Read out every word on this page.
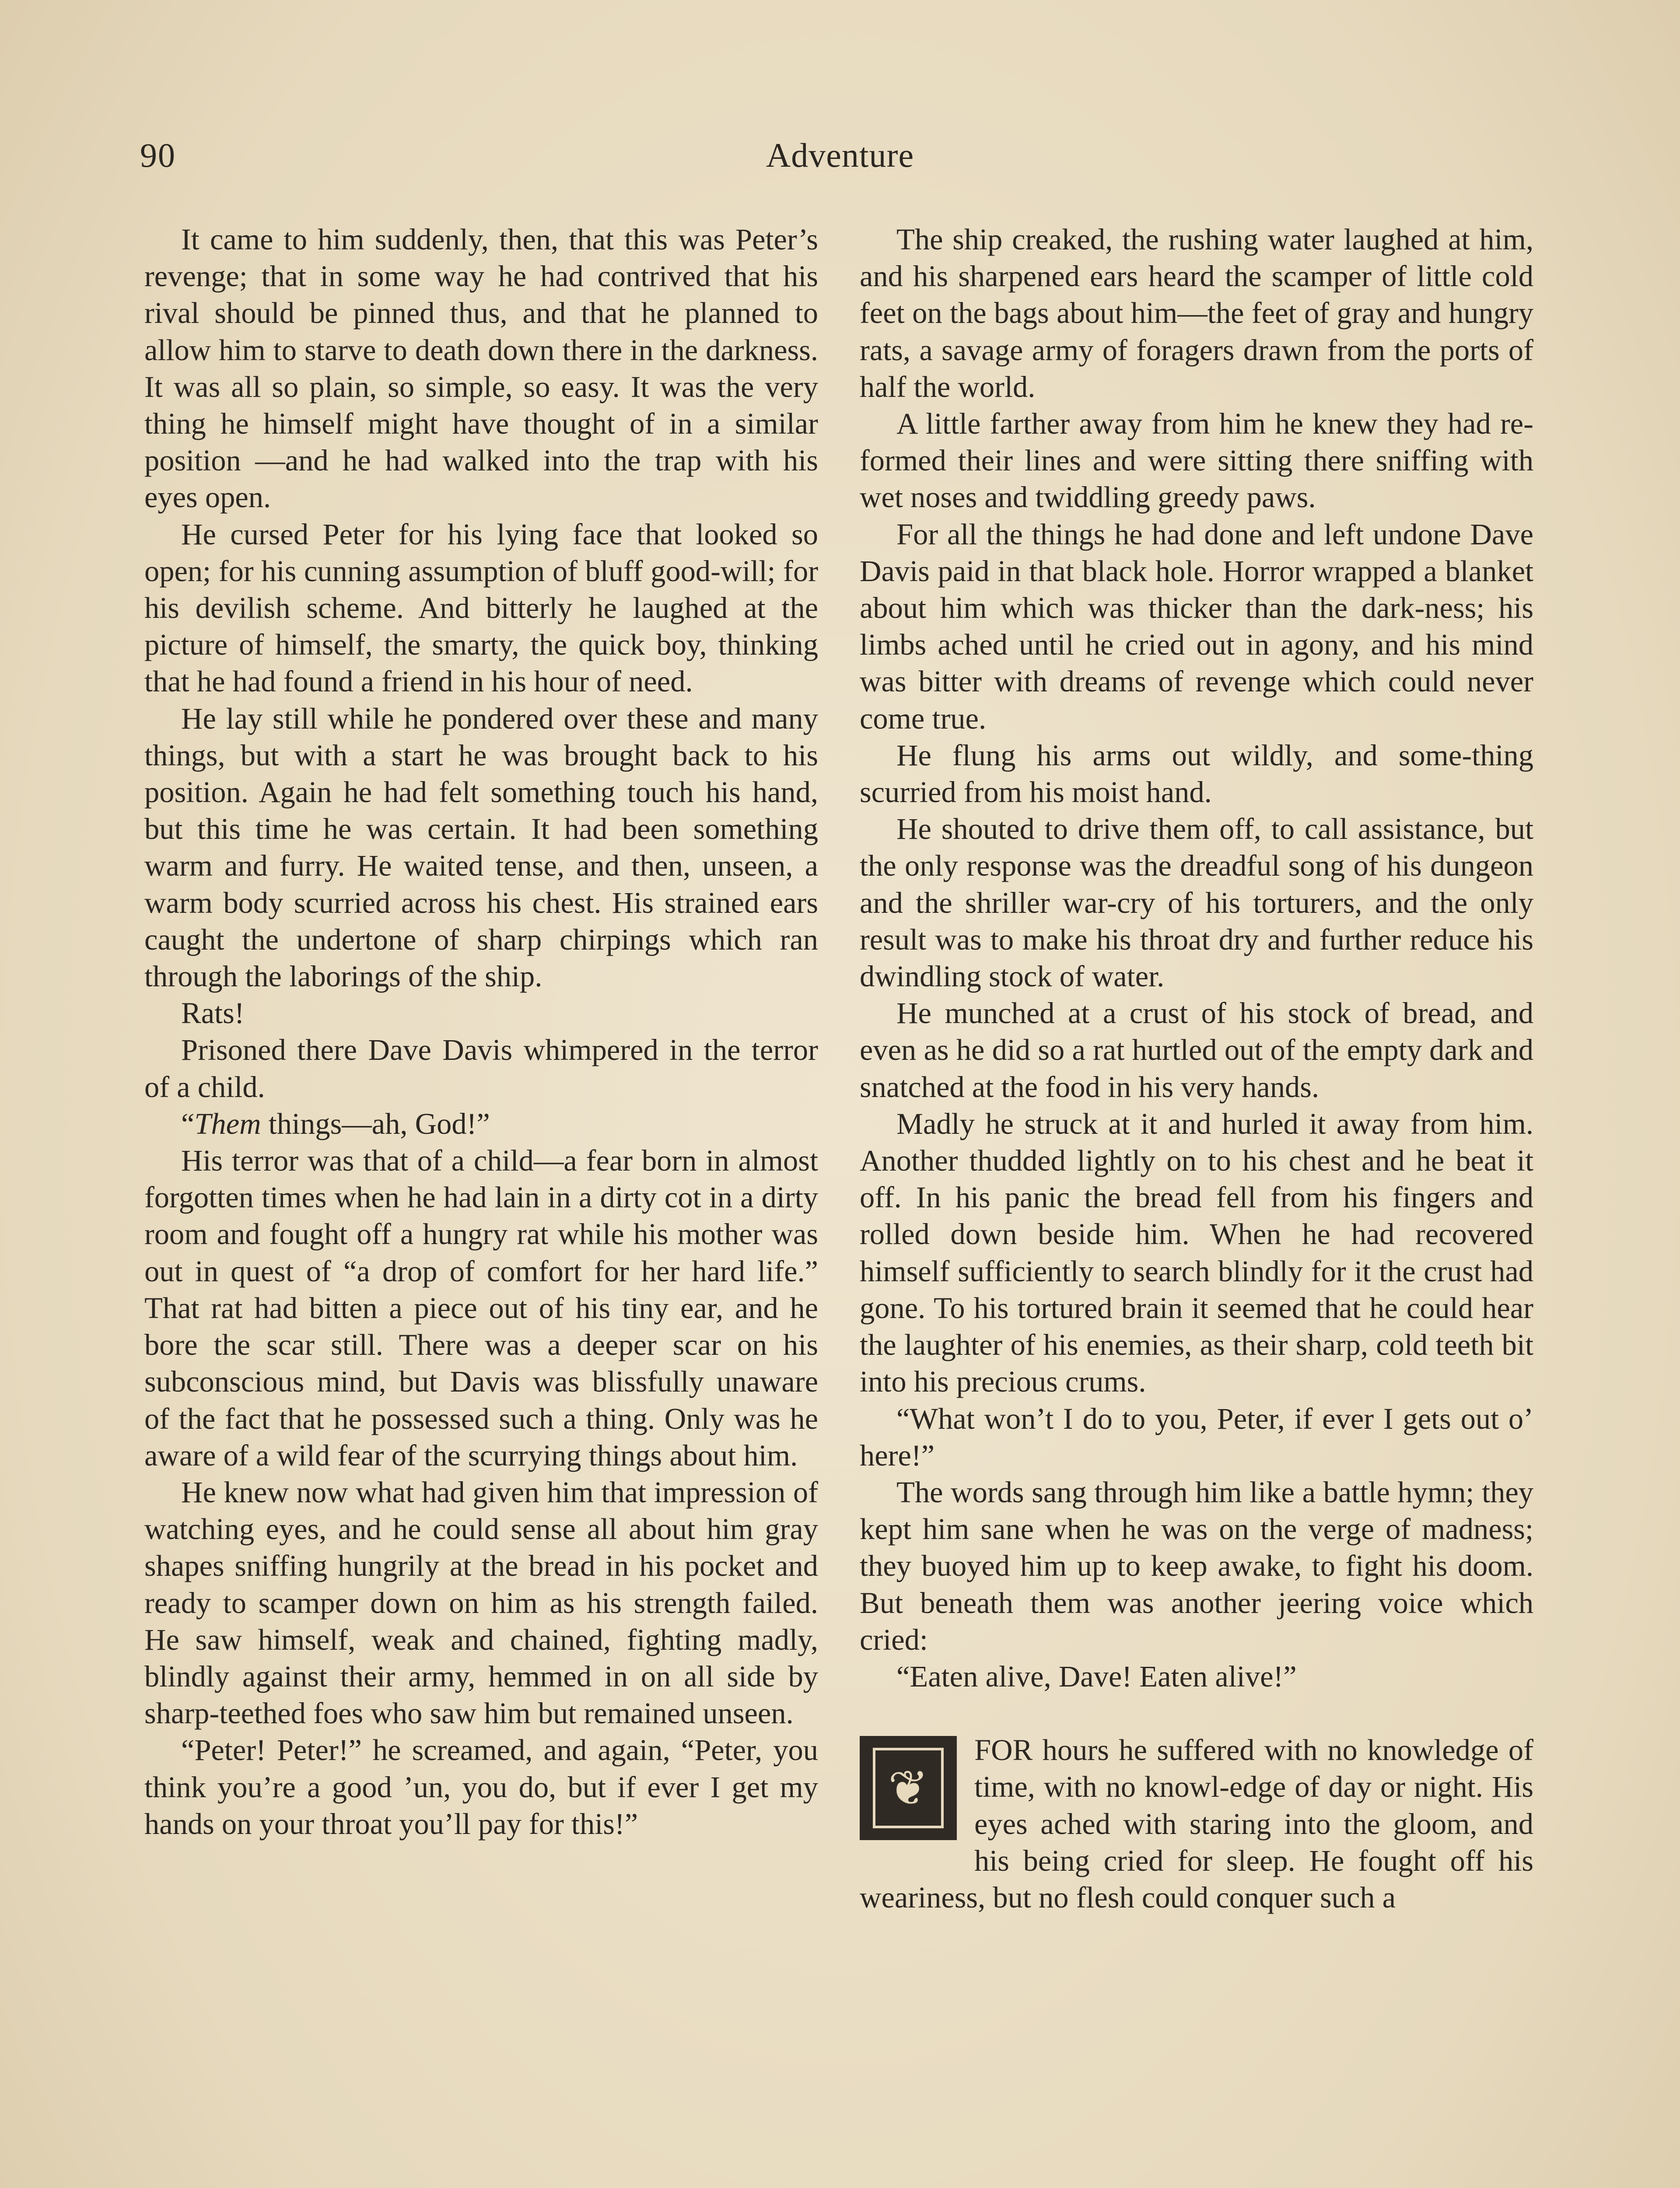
90	Adventure

It came to him suddenly, then, that this was Peter’s revenge; that in some way he had contrived that his rival should be pinned thus, and that he planned to allow him to starve to death down there in the darkness. It was all so plain, so simple, so easy. It was the very thing he himself might have thought of in a similar position —and he had walked into the trap with his eyes open.

He cursed Peter for his lying face that looked so open; for his cunning assumption of bluff good-will; for his devilish scheme. And bitterly he laughed at the picture of himself, the smarty, the quick boy, thinking that he had found a friend in his hour of need.

He lay still while he pondered over these and many things, but with a start he was brought back to his position. Again he had felt something touch his hand, but this time he was certain. It had been something warm and furry. He waited tense, and then, unseen, a warm body scurried across his chest. His strained ears caught the undertone of sharp chirpings which ran through the laborings of the ship.

Rats!

Prisoned there Dave Davis whimpered in the terror of a child.

“Them things—ah, God!”

His terror was that of a child—a fear born in almost forgotten times when he had lain in a dirty cot in a dirty room and fought off a hungry rat while his mother was out in quest of “a drop of comfort for her hard life.” That rat had bitten a piece out of his tiny ear, and he bore the scar still. There was a deeper scar on his subconscious mind, but Davis was blissfully unaware of the fact that he possessed such a thing. Only was he aware of a wild fear of the scurrying things about him.

He knew now what had given him that impression of watching eyes, and he could sense all about him gray shapes sniffing hungrily at the bread in his pocket and ready to scamper down on him as his strength failed. He saw himself, weak and chained, fighting madly, blindly against their army, hemmed in on all side by sharp-teethed foes who saw him but remained unseen.

“Peter! Peter!” he screamed, and again, “Peter, you think you’re a good ’un, you do, but if ever I get my hands on your throat you’ll pay for this!”

The ship creaked, the rushing water laughed at him, and his sharpened ears heard the scamper of little cold feet on the bags about him—the feet of gray and hungry rats, a savage army of foragers drawn from the ports of half the world.

A little farther away from him he knew they had re-formed their lines and were sitting there sniffing with wet noses and twiddling greedy paws.

For all the things he had done and left undone Dave Davis paid in that black hole. Horror wrapped a blanket about him which was thicker than the dark-ness; his limbs ached until he cried out in agony, and his mind was bitter with dreams of revenge which could never come true.

He flung his arms out wildly, and some-thing scurried from his moist hand.

He shouted to drive them off, to call assistance, but the only response was the dreadful song of his dungeon and the shriller war-cry of his torturers, and the only result was to make his throat dry and further reduce his dwindling stock of water.

He munched at a crust of his stock of bread, and even as he did so a rat hurtled out of the empty dark and snatched at the food in his very hands.

Madly he struck at it and hurled it away from him. Another thudded lightly on to his chest and he beat it off. In his panic the bread fell from his fingers and rolled down beside him. When he had recovered himself sufficiently to search blindly for it the crust had gone. To his tortured brain it seemed that he could hear the laughter of his enemies, as their sharp, cold teeth bit into his precious crums.

“What won’t I do to you, Peter, if ever I gets out o’ here!”

The words sang through him like a battle hymn; they kept him sane when he was on the verge of madness; they buoyed him up to keep awake, to fight his doom. But beneath them was another jeering voice which cried:

“Eaten alive, Dave! Eaten alive!”

❦
FOR hours he suffered with no knowledge of time, with no knowl-edge of day or night. His eyes ached with staring into the gloom, and his being cried for sleep. He fought off his weariness, but no flesh could conquer such a
